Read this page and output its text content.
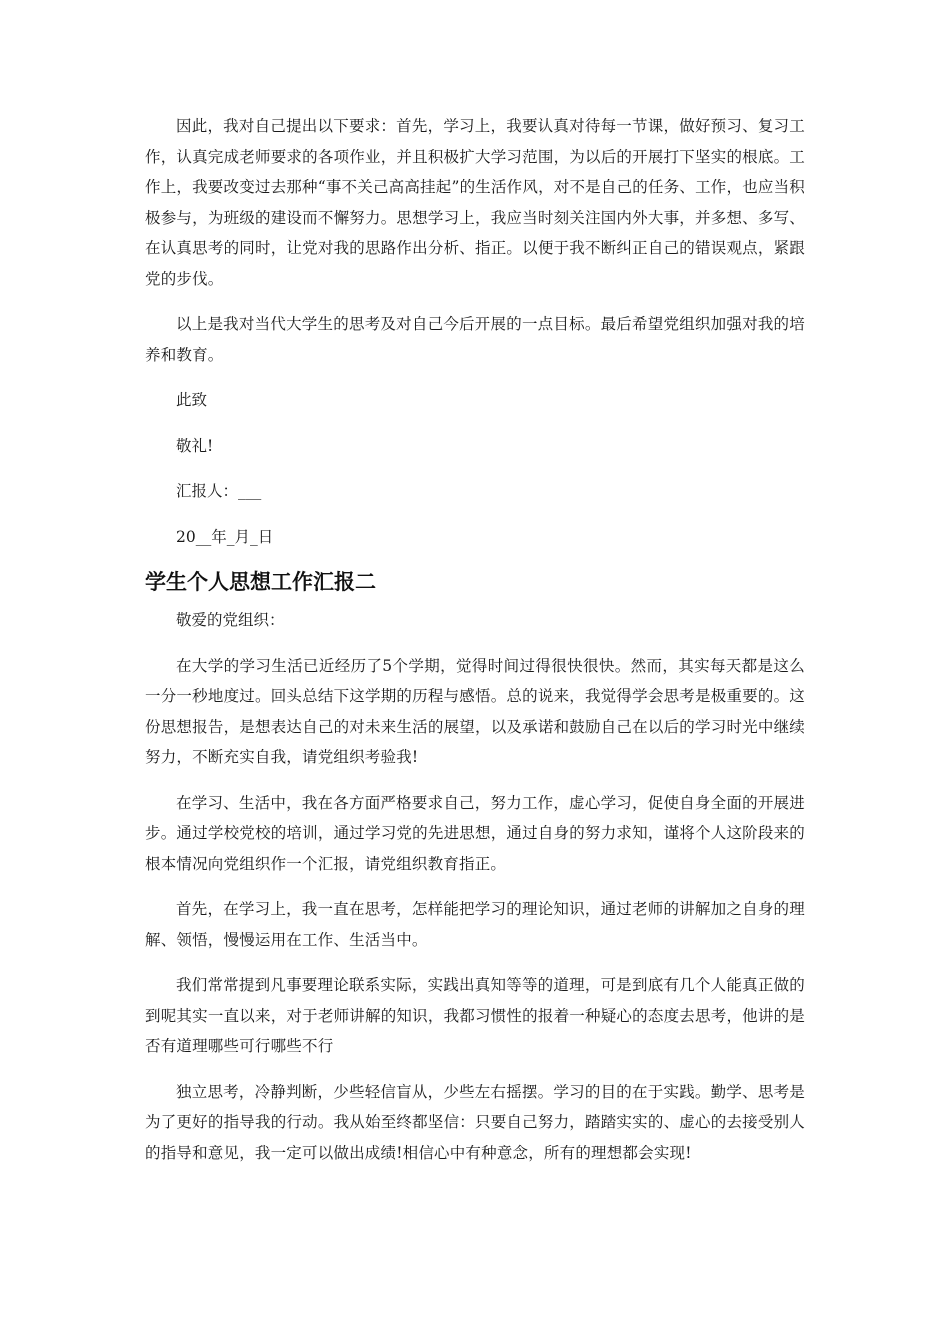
因此，我对自己提出以下要求：首先，学习上，我要认真对待每一节课，做好预习、复习工作，认真完成老师要求的各项作业，并且积极扩大学习范围，为以后的开展打下坚实的根底。工作上，我要改变过去那种“事不关己高高挂起”的生活作风，对不是自己的任务、工作，也应当积极参与，为班级的建设而不懈努力。思想学习上，我应当时刻关注国内外大事，并多想、多写、在认真思考的同时，让党对我的思路作出分析、指正。以便于我不断纠正自己的错误观点，紧跟党的步伐。

以上是我对当代大学生的思考及对自己今后开展的一点目标。最后希望党组织加强对我的培养和教育。

此致

敬礼!

汇报人：___

20__年_月_日

学生个人思想工作汇报二

敬爱的党组织：

在大学的学习生活已近经历了5个学期，觉得时间过得很快很快。然而，其实每天都是这么一分一秒地度过。回头总结下这学期的历程与感悟。总的说来，我觉得学会思考是极重要的。这份思想报告，是想表达自己的对未来生活的展望，以及承诺和鼓励自己在以后的学习时光中继续努力，不断充实自我，请党组织考验我!

在学习、生活中，我在各方面严格要求自己，努力工作，虚心学习，促使自身全面的开展进步。通过学校党校的培训，通过学习党的先进思想，通过自身的努力求知，谨将个人这阶段来的根本情况向党组织作一个汇报，请党组织教育指正。

首先，在学习上，我一直在思考，怎样能把学习的理论知识，通过老师的讲解加之自身的理解、领悟，慢慢运用在工作、生活当中。

我们常常提到凡事要理论联系实际，实践出真知等等的道理，可是到底有几个人能真正做的到呢其实一直以来，对于老师讲解的知识，我都习惯性的报着一种疑心的态度去思考，他讲的是否有道理哪些可行哪些不行

独立思考，冷静判断，少些轻信盲从，少些左右摇摆。学习的目的在于实践。勤学、思考是为了更好的指导我的行动。我从始至终都坚信：只要自己努力，踏踏实实的、虚心的去接受别人的指导和意见，我一定可以做出成绩!相信心中有种意念，所有的理想都会实现!
